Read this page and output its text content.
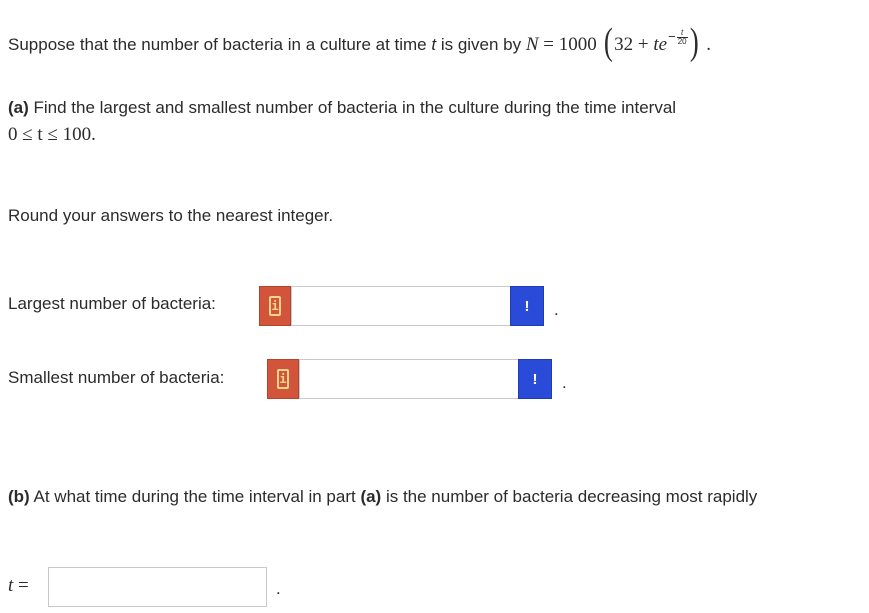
Suppose that the number of bacteria in a culture at time t is given by N = 1000 ($32 + te- \frac{t}{20}$ ) .
(a) Find the largest and smallest number of bacteria in the culture during the time interval
0 ≤ t ≤ 100.
Round your answers to the nearest integer.
Largest number of bacteria:	i	! .
Smallest number of bacteria:	i	! .
(b) At what time during the time interval in part (a) is the number of bacteria decreasing most rapidly
t =	.
